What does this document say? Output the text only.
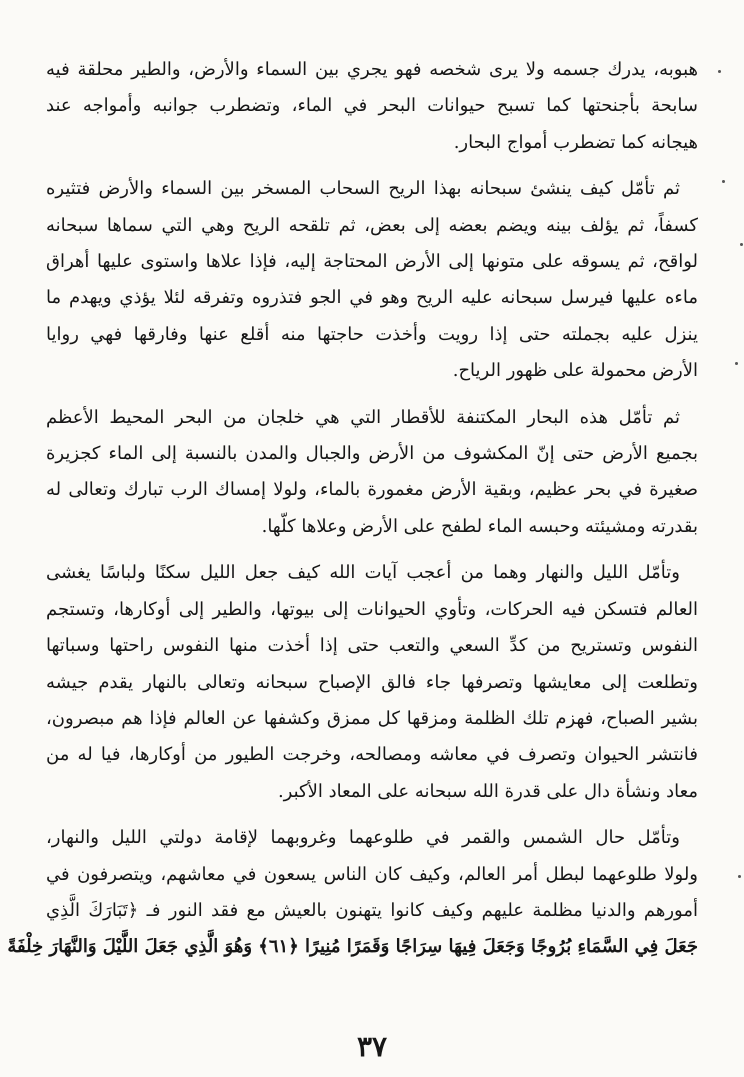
هبوبه، يدرك جسمه ولا يرى شخصه فهو يجري بين السماء والأرض، والطير محلقة فيه
سابحة بأجنحتها كما تسبح حيوانات البحر في الماء، وتضطرب جوانبه وأمواجه عند
هيجانه كما تضطرب أمواج البحار.
ثم تأمّل كيف ينشئ سبحانه بهذا الريح السحاب المسخر بين السماء والأرض فتثيره
كسفاً، ثم يؤلف بينه ويضم بعضه إلى بعض، ثم تلقحه الريح وهي التي سماها سبحانه
لواقح، ثم يسوقه على متونها إلى الأرض المحتاجة إليه، فإذا علاها واستوى عليها أهراق
ماءه عليها فيرسل سبحانه عليه الريح وهو في الجو فتذروه وتفرقه لئلا يؤذي ويهدم ما
ينزل عليه بجملته حتى إذا رويت وأخذت حاجتها منه أقلع عنها وفارقها فهي روايا
الأرض محمولة على ظهور الرياح.
ثم تأمّل هذه البحار المكتنفة للأقطار التي هي خلجان من البحر المحيط الأعظم
بجميع الأرض حتى إنّ المكشوف من الأرض والجبال والمدن بالنسبة إلى الماء كجزيرة
صغيرة في بحر عظيم، وبقية الأرض مغمورة بالماء، ولولا إمساك الرب تبارك وتعالى له
بقدرته ومشيئته وحبسه الماء لطفح على الأرض وعلاها كلّها.
وتأمّل الليل والنهار وهما من أعجب آيات الله كيف جعل الليل سكنًا ولباسًا يغشى
العالم فتسكن فيه الحركات، وتأوي الحيوانات إلى بيوتها، والطير إلى أوكارها، وتستجم
النفوس وتستريح من كدِّ السعي والتعب حتى إذا أخذت منها النفوس راحتها وسباتها
وتطلعت إلى معايشها وتصرفها جاء فالق الإصباح سبحانه وتعالى بالنهار يقدم جيشه
بشير الصباح، فهزم تلك الظلمة ومزقها كل ممزق وكشفها عن العالم فإذا هم مبصرون،
فانتشر الحيوان وتصرف في معاشه ومصالحه، وخرجت الطيور من أوكارها، فيا له من
معاد ونشأة دال على قدرة الله سبحانه على المعاد الأكبر.
وتأمّل حال الشمس والقمر في طلوعهما وغروبهما لإقامة دولتي الليل والنهار،
ولولا طلوعهما لبطل أمر العالم، وكيف كان الناس يسعون في معاشهم، ويتصرفون في
أمورهم والدنيا مظلمة عليهم وكيف كانوا يتهنون بالعيش مع فقد النور فـ ﴿تَبَارَكَ الَّذِي
جَعَلَ فِي السَّمَاءِ بُرُوجًا وَجَعَلَ فِيهَا سِرَاجًا وَقَمَرًا مُنِيرًا ﴿٦١﴾ وَهُوَ الَّذِي جَعَلَ اللَّيْلَ وَالنَّهَارَ خِلْفَةً
٣٧
